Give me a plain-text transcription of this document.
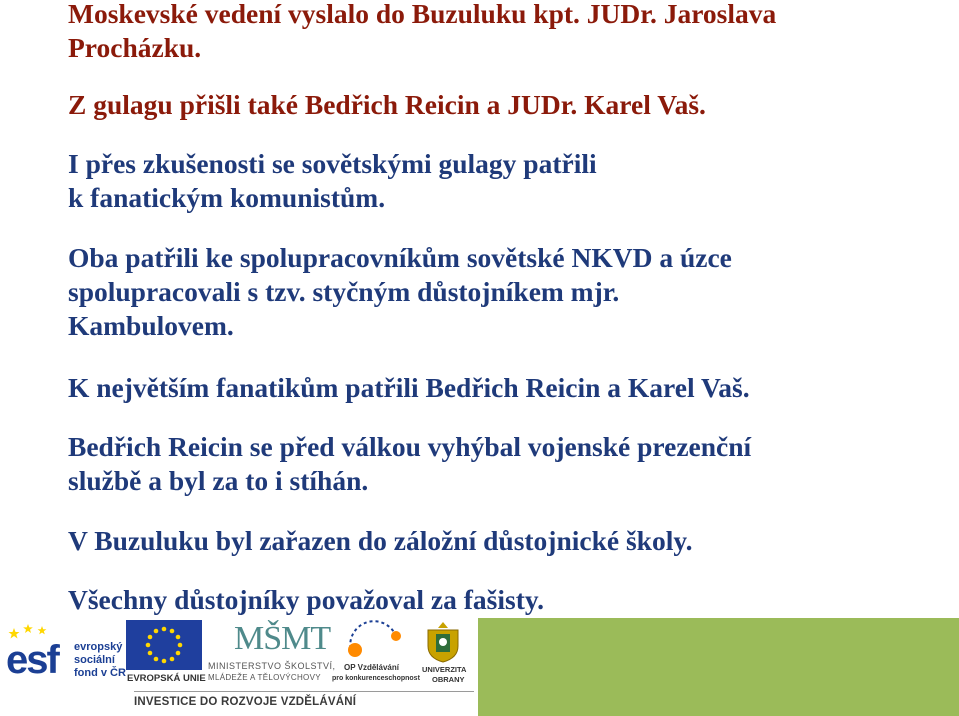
Moskevské vedení vyslalo do Buzuluku kpt. JUDr. Jaroslava
Procházku.
Z gulagu přišli také Bedřich Reicin a JUDr. Karel Vaš.
I přes zkušenosti se sovětskými gulagy patřili
k fanatickým komunistům.
Oba patřili ke spolupracovníkům sovětské NKVD a úzce
spolupracovali s tzv. styčným důstojníkem mjr.
Kambulovem.
K největším fanatikům patřili Bedřich Reicin a Karel Vaš.
Bedřich Reicin se před válkou vyhýbal vojenské prezenční
službě a byl za to i stíhán.
V Buzuluku byl zařazen do záložní důstojnické školy.
Všechny důstojníky považoval za fašisty.
esf evropský
sociální
fond v ČR EVROPSKÁ UNIE
MŠMT
MINISTERSTVO ŠKOLSTVÍ,
MLÁDEŽE A TĚLOVÝCHOVY
OP Vzdělávání
pro konkurenceschopnost
UNIVERZITA
OBRANY
INVESTICE DO ROZVOJE VZDĚLÁVÁNÍ
